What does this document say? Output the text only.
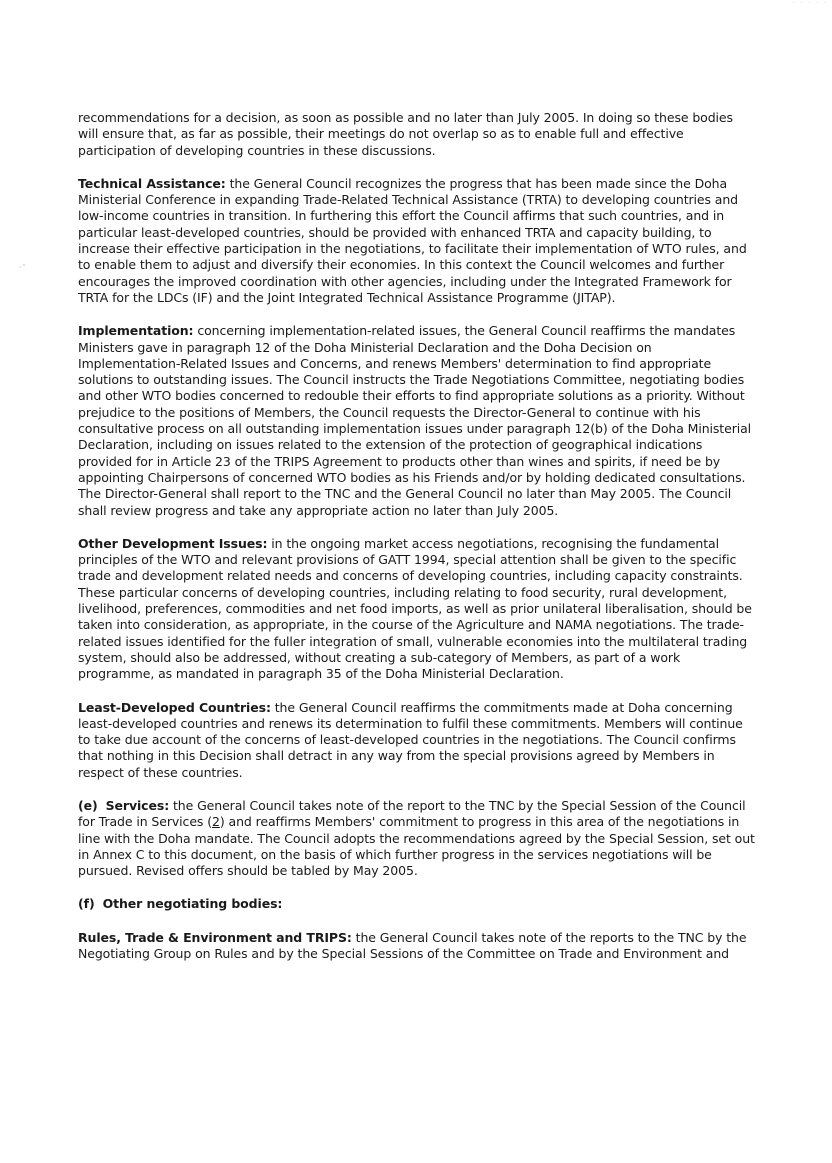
· · · · ·
᛫˜

recommendations for a decision, as soon as possible and no later than July 2005. In doing so these bodies will ensure that, as far as possible, their meetings do not overlap so as to enable full and effective participation of developing countries in these discussions.

Technical Assistance: the General Council recognizes the progress that has been made since the Doha Ministerial Conference in expanding Trade-Related Technical Assistance (TRTA) to developing countries and low-income countries in transition. In furthering this effort the Council affirms that such countries, and in particular least-developed countries, should be provided with enhanced TRTA and capacity building, to increase their effective participation in the negotiations, to facilitate their implementation of WTO rules, and to enable them to adjust and diversify their economies. In this context the Council welcomes and further encourages the improved coordination with other agencies, including under the Integrated Framework for TRTA for the LDCs (IF) and the Joint Integrated Technical Assistance Programme (JITAP).

Implementation: concerning implementation-related issues, the General Council reaffirms the mandates Ministers gave in paragraph 12 of the Doha Ministerial Declaration and the Doha Decision on Implementation-Related Issues and Concerns, and renews Members' determination to find appropriate solutions to outstanding issues. The Council instructs the Trade Negotiations Committee, negotiating bodies and other WTO bodies concerned to redouble their efforts to find appropriate solutions as a priority. Without prejudice to the positions of Members, the Council requests the Director-General to continue with his consultative process on all outstanding implementation issues under paragraph 12(b) of the Doha Ministerial Declaration, including on issues related to the extension of the protection of geographical indications provided for in Article 23 of the TRIPS Agreement to products other than wines and spirits, if need be by appointing Chairpersons of concerned WTO bodies as his Friends and/or by holding dedicated consultations. The Director-General shall report to the TNC and the General Council no later than May 2005. The Council shall review progress and take any appropriate action no later than July 2005.

Other Development Issues: in the ongoing market access negotiations, recognising the fundamental principles of the WTO and relevant provisions of GATT 1994, special attention shall be given to the specific trade and development related needs and concerns of developing countries, including capacity constraints. These particular concerns of developing countries, including relating to food security, rural development, livelihood, preferences, commodities and net food imports, as well as prior unilateral liberalisation, should be taken into consideration, as appropriate, in the course of the Agriculture and NAMA negotiations. The trade-related issues identified for the fuller integration of small, vulnerable economies into the multilateral trading system, should also be addressed, without creating a sub-category of Members, as part of a work programme, as mandated in paragraph 35 of the Doha Ministerial Declaration.

Least-Developed Countries: the General Council reaffirms the commitments made at Doha concerning least-developed countries and renews its determination to fulfil these commitments. Members will continue to take due account of the concerns of least-developed countries in the negotiations. The Council confirms that nothing in this Decision shall detract in any way from the special provisions agreed by Members in respect of these countries.

(e) Services: the General Council takes note of the report to the TNC by the Special Session of the Council for Trade in Services (2) and reaffirms Members' commitment to progress in this area of the negotiations in line with the Doha mandate. The Council adopts the recommendations agreed by the Special Session, set out in Annex C to this document, on the basis of which further progress in the services negotiations will be pursued. Revised offers should be tabled by May 2005.

(f) Other negotiating bodies:

Rules, Trade & Environment and TRIPS: the General Council takes note of the reports to the TNC by the Negotiating Group on Rules and by the Special Sessions of the Committee on Trade and Environment and
